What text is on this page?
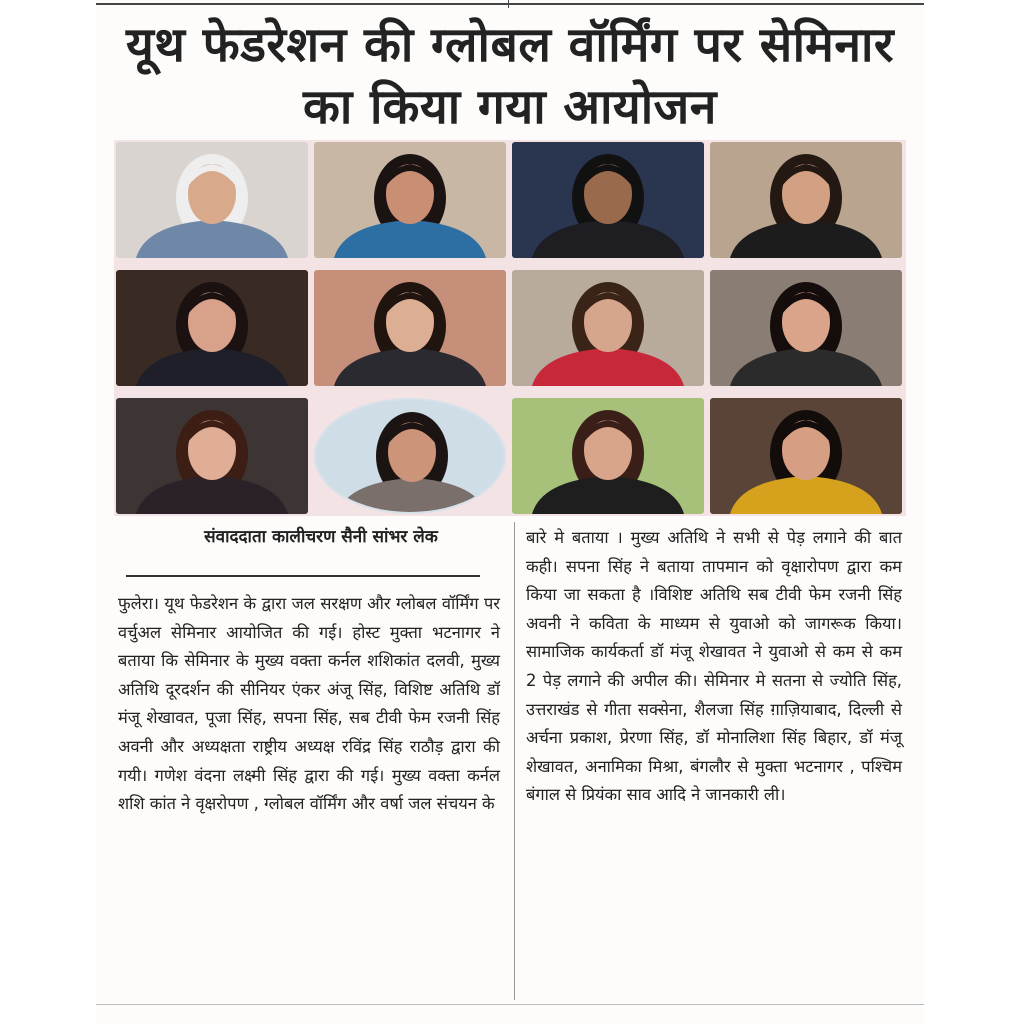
यूथ फेडरेशन की ग्लोबल वॉर्मिंग पर सेमिनार का किया गया आयोजन
संवाददाता कालीचरण सैनी सांभर लेक
फुलेरा। यूथ फेडरेशन के द्वारा जल सरक्षण और ग्लोबल वॉर्मिंग पर वर्चुअल सेमिनार आयोजित की गई। होस्ट मुक्ता भटनागर ने बताया कि सेमिनार के मुख्य वक्ता कर्नल शशिकांत दलवी, मुख्य अतिथि दूरदर्शन की सीनियर एंकर अंजू सिंह, विशिष्ट अतिथि डॉ मंजू शेखावत, पूजा सिंह, सपना सिंह, सब टीवी फेम रजनी सिंह अवनी और अध्यक्षता राष्ट्रीय अध्यक्ष रविंद्र सिंह राठौड़ द्वारा की गयी। गणेश वंदना लक्ष्मी सिंह द्वारा की गई। मुख्य वक्ता कर्नल शशि कांत ने वृक्षरोपण , ग्लोबल वॉर्मिंग और वर्षा जल संचयन के
बारे मे बताया । मुख्य अतिथि ने सभी से पेड़ लगाने की बात कही। सपना सिंह ने बताया तापमान को वृक्षारोपण द्वारा कम किया जा सकता है ।विशिष्ट अतिथि सब टीवी फेम रजनी सिंह अवनी ने कविता के माध्यम से युवाओ को जागरूक किया। सामाजिक कार्यकर्ता डॉ मंजू शेखावत ने युवाओ से कम से कम 2 पेड़ लगाने की अपील की। सेमिनार मे सतना से ज्योति सिंह, उत्तराखंड से गीता सक्सेना, शैलजा सिंह ग़ाज़ियाबाद, दिल्ली से अर्चना प्रकाश, प्रेरणा सिंह, डॉ मोनालिशा सिंह बिहार, डॉ मंजू शेखावत, अनामिका मिश्रा, बंगलौर से मुक्ता भटनागर , पश्चिम बंगाल से प्रियंका साव आदि ने जानकारी ली।
